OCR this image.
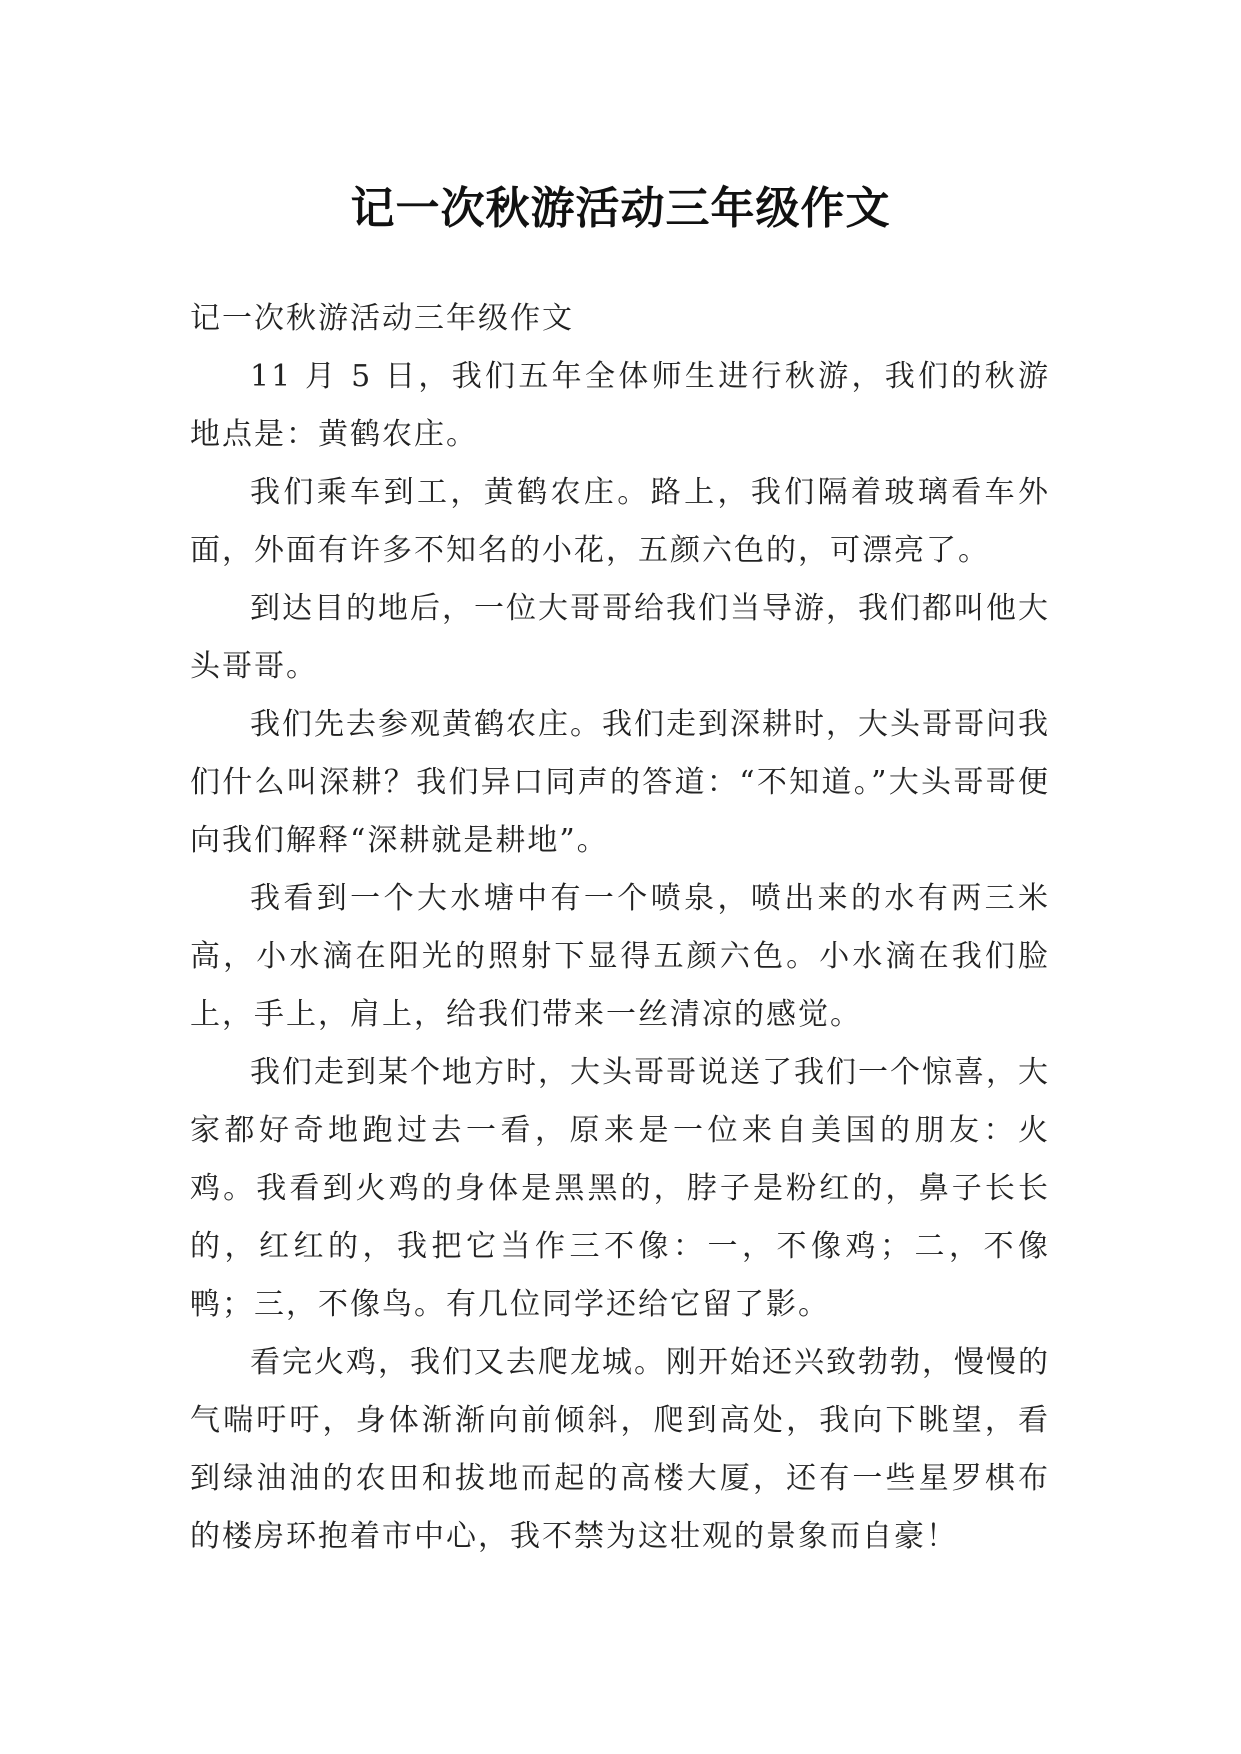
记一次秋游活动三年级作文

记一次秋游活动三年级作文

11 月 5 日，我们五年全体师生进行秋游，我们的秋游地点是：黄鹤农庄。

我们乘车到工，黄鹤农庄。路上，我们隔着玻璃看车外面，外面有许多不知名的小花，五颜六色的，可漂亮了。

到达目的地后，一位大哥哥给我们当导游，我们都叫他大头哥哥。

我们先去参观黄鹤农庄。我们走到深耕时，大头哥哥问我们什么叫深耕？我们异口同声的答道：“不知道。”大头哥哥便向我们解释“深耕就是耕地”。

我看到一个大水塘中有一个喷泉，喷出来的水有两三米高，小水滴在阳光的照射下显得五颜六色。小水滴在我们脸上，手上，肩上，给我们带来一丝清凉的感觉。

我们走到某个地方时，大头哥哥说送了我们一个惊喜，大家都好奇地跑过去一看，原来是一位来自美国的朋友：火鸡。我看到火鸡的身体是黑黑的，脖子是粉红的，鼻子长长的，红红的，我把它当作三不像：一，不像鸡；二，不像鸭；三，不像鸟。有几位同学还给它留了影。

看完火鸡，我们又去爬龙城。刚开始还兴致勃勃，慢慢的气喘吁吁，身体渐渐向前倾斜，爬到高处，我向下眺望，看到绿油油的农田和拔地而起的高楼大厦，还有一些星罗棋布的楼房环抱着市中心，我不禁为这壮观的景象而自豪！
